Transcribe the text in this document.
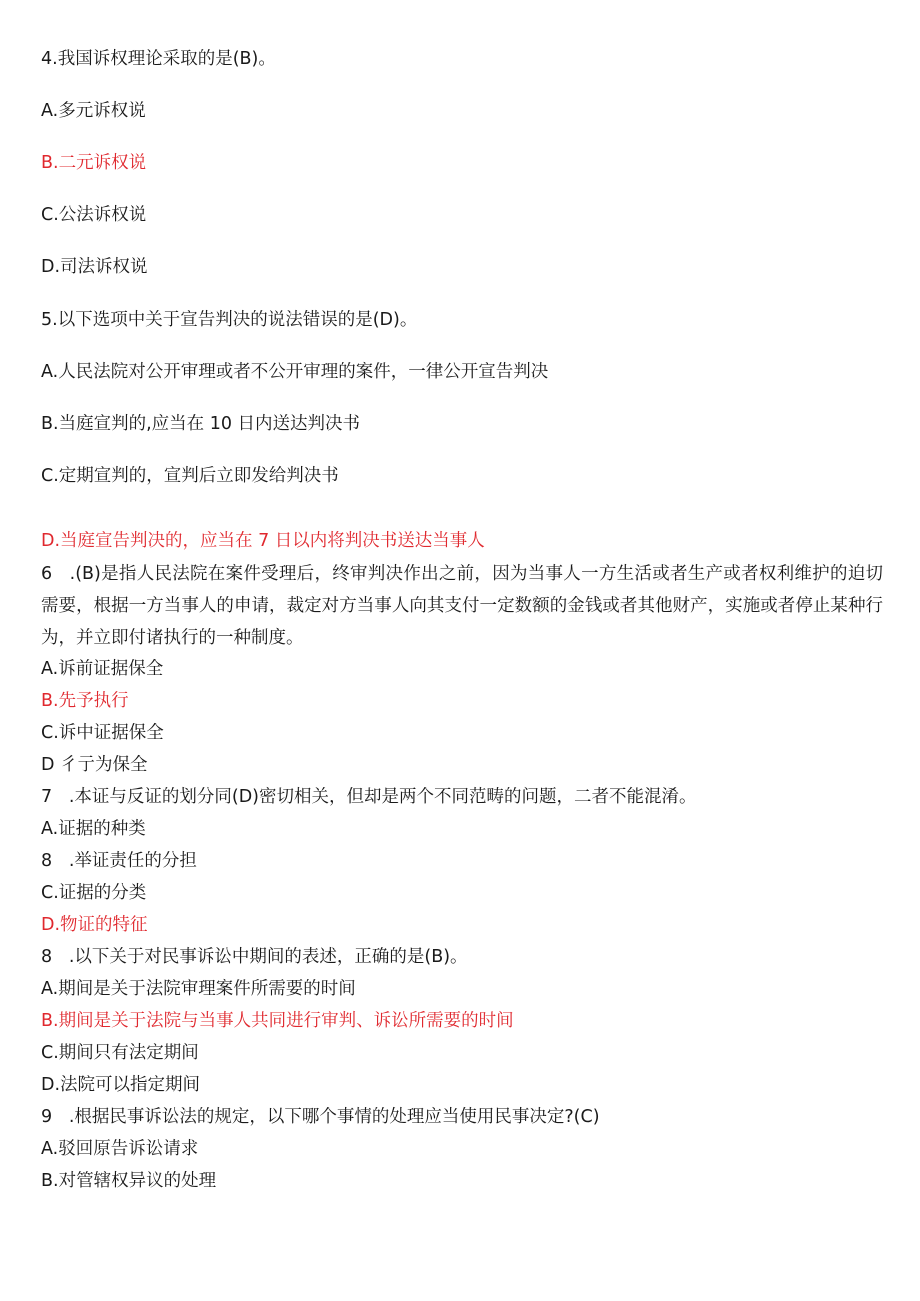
4.我国诉权理论采取的是(B)。
A.多元诉权说
B.二元诉权说
C.公法诉权说
D.司法诉权说
5.以下选项中关于宣告判决的说法错误的是(D)。
A.人民法院对公开审理或者不公开审理的案件，一律公开宣告判决
B.当庭宣判的,应当在 10 日内送达判决书
C.定期宣判的，宣判后立即发给判决书
D.当庭宣告判决的，应当在 7 日以内将判决书送达当事人
6   .(B)是指人民法院在案件受理后，终审判决作出之前，因为当事人一方生活或者生产或者权利维护的迫切需要，根据一方当事人的申请，裁定对方当事人向其支付一定数额的金钱或者其他财产，实施或者停止某种行为，并立即付诸执行的一种制度。
A.诉前证据保全
B.先予执行
C.诉中证据保全
D 彳亍为保全
7   .本证与反证的划分同(D)密切相关，但却是两个不同范畴的问题，二者不能混淆。
A.证据的种类
8   .举证责任的分担
C.证据的分类
D.物证的特征
8   .以下关于对民事诉讼中期间的表述，正确的是(B)。
A.期间是关于法院审理案件所需要的时间
B.期间是关于法院与当事人共同进行审判、诉讼所需要的时间
C.期间只有法定期间
D.法院可以指定期间
9   .根据民事诉讼法的规定，以下哪个事情的处理应当使用民事决定?(C)
A.驳回原告诉讼请求
B.对管辖权异议的处理
